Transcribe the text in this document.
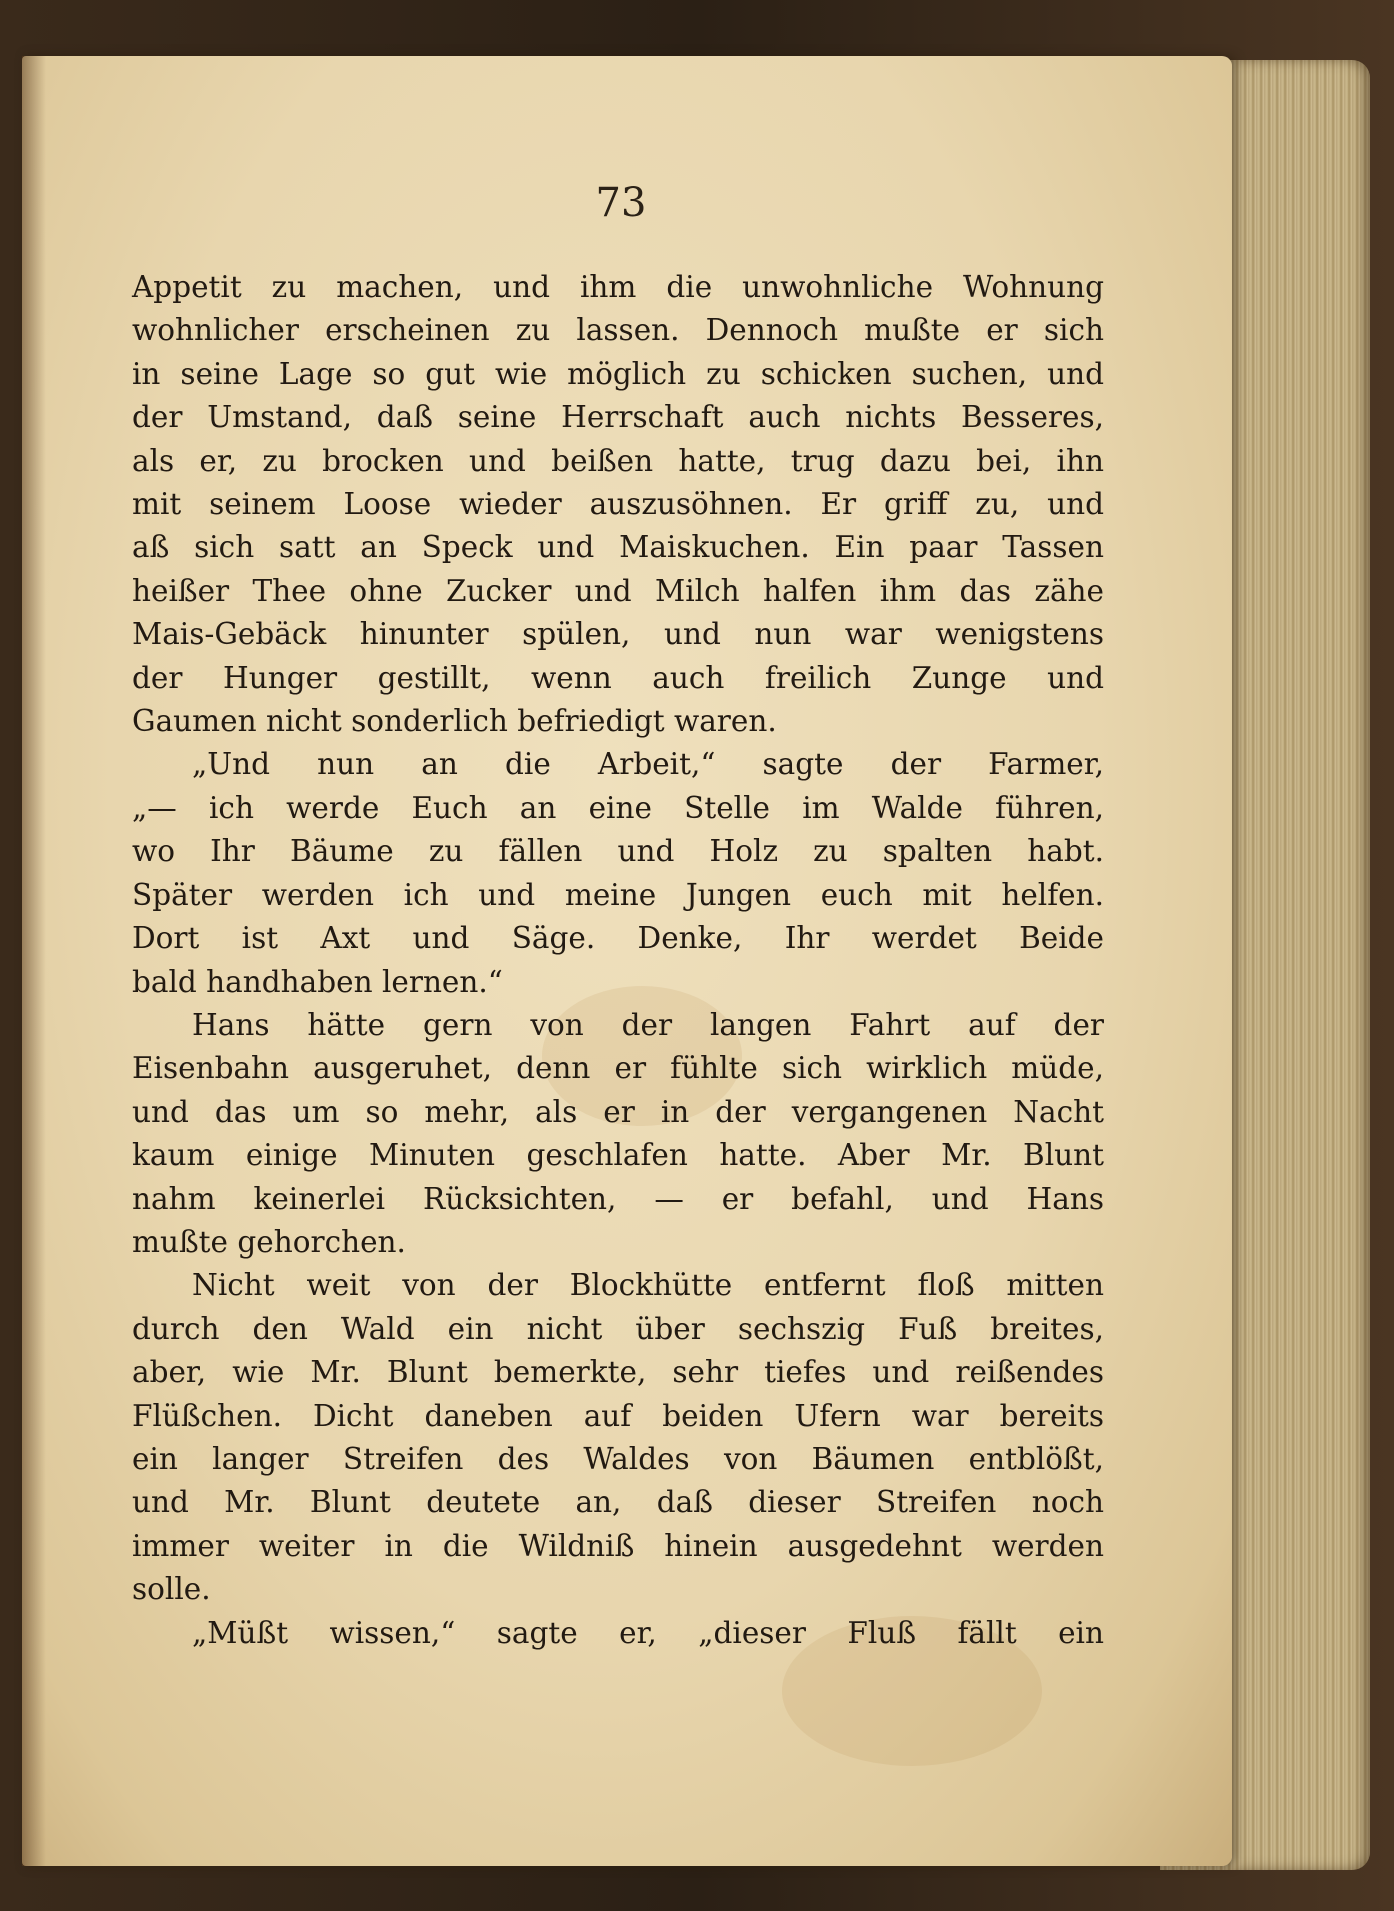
73
Appetit zu machen, und ihm die unwohnliche Wohnung
wohnlicher erscheinen zu lassen. Dennoch mußte er sich
in seine Lage so gut wie möglich zu schicken suchen, und
der Umstand, daß seine Herrschaft auch nichts Besseres,
als er, zu brocken und beißen hatte, trug dazu bei, ihn
mit seinem Loose wieder auszusöhnen. Er griff zu, und
aß sich satt an Speck und Maiskuchen. Ein paar Tassen
heißer Thee ohne Zucker und Milch halfen ihm das zähe
Mais-Gebäck hinunter spülen, und nun war wenigstens
der Hunger gestillt, wenn auch freilich Zunge und
Gaumen nicht sonderlich befriedigt waren.
„Und nun an die Arbeit,“ sagte der Farmer,
„— ich werde Euch an eine Stelle im Walde führen,
wo Ihr Bäume zu fällen und Holz zu spalten habt.
Später werden ich und meine Jungen euch mit helfen.
Dort ist Axt und Säge. Denke, Ihr werdet Beide
bald handhaben lernen.“
Hans hätte gern von der langen Fahrt auf der
Eisenbahn ausgeruhet, denn er fühlte sich wirklich müde,
und das um so mehr, als er in der vergangenen Nacht
kaum einige Minuten geschlafen hatte. Aber Mr. Blunt
nahm keinerlei Rücksichten, — er befahl, und Hans
mußte gehorchen.
Nicht weit von der Blockhütte entfernt floß mitten
durch den Wald ein nicht über sechszig Fuß breites,
aber, wie Mr. Blunt bemerkte, sehr tiefes und reißendes
Flüßchen. Dicht daneben auf beiden Ufern war bereits
ein langer Streifen des Waldes von Bäumen entblößt,
und Mr. Blunt deutete an, daß dieser Streifen noch
immer weiter in die Wildniß hinein ausgedehnt werden
solle.
„Müßt wissen,“ sagte er, „dieser Fluß fällt ein
